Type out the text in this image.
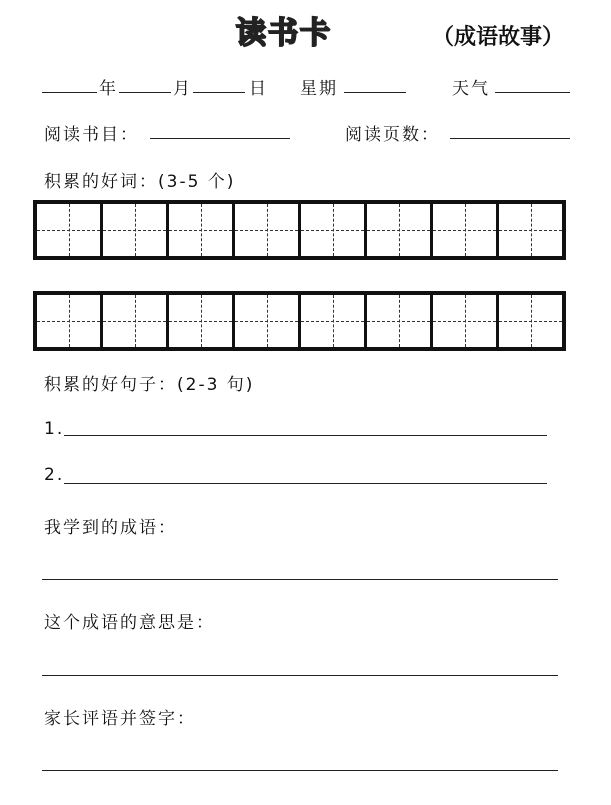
读书卡	（成语故事）
年	月	日 星期	天气
阅读书目：	阅读页数：
积累的好词：(3-5 个)
积累的好句子：(2-3 句)
1.
2.
我学到的成语：
这个成语的意思是：
家长评语并签字：
